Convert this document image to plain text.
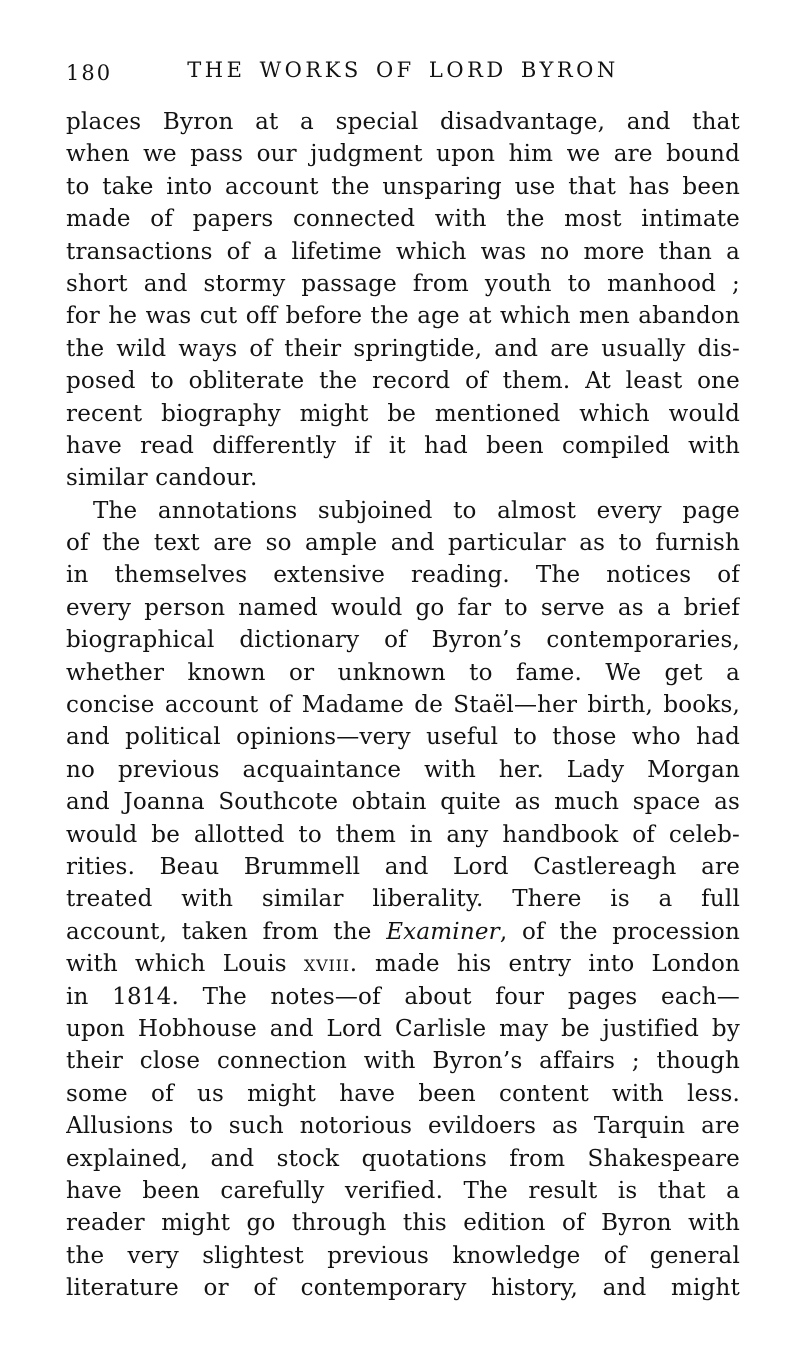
180	THE WORKS OF LORD BYRON
places Byron at a special disadvantage, and that
when we pass our judgment upon him we are bound
to take into account the unsparing use that has been
made of papers connected with the most intimate
transactions of a lifetime which was no more than a
short and stormy passage from youth to manhood ;
for he was cut off before the age at which men abandon
the wild ways of their springtide, and are usually dis-
posed to obliterate the record of them. At least one
recent biography might be mentioned which would
have read differently if it had been compiled with
similar candour.
The annotations subjoined to almost every page
of the text are so ample and particular as to furnish
in themselves extensive reading. The notices of
every person named would go far to serve as a brief
biographical dictionary of Byron’s contemporaries,
whether known or unknown to fame. We get a
concise account of Madame de Staël—her birth, books,
and political opinions—very useful to those who had
no previous acquaintance with her. Lady Morgan
and Joanna Southcote obtain quite as much space as
would be allotted to them in any handbook of celeb-
rities. Beau Brummell and Lord Castlereagh are
treated with similar liberality. There is a full
account, taken from the Examiner, of the procession
with which Louis xviii. made his entry into London
in 1814. The notes—of about four pages each—
upon Hobhouse and Lord Carlisle may be justified by
their close connection with Byron’s affairs ; though
some of us might have been content with less.
Allusions to such notorious evildoers as Tarquin are
explained, and stock quotations from Shakespeare
have been carefully verified. The result is that a
reader might go through this edition of Byron with
the very slightest previous knowledge of general
literature or of contemporary history, and might
